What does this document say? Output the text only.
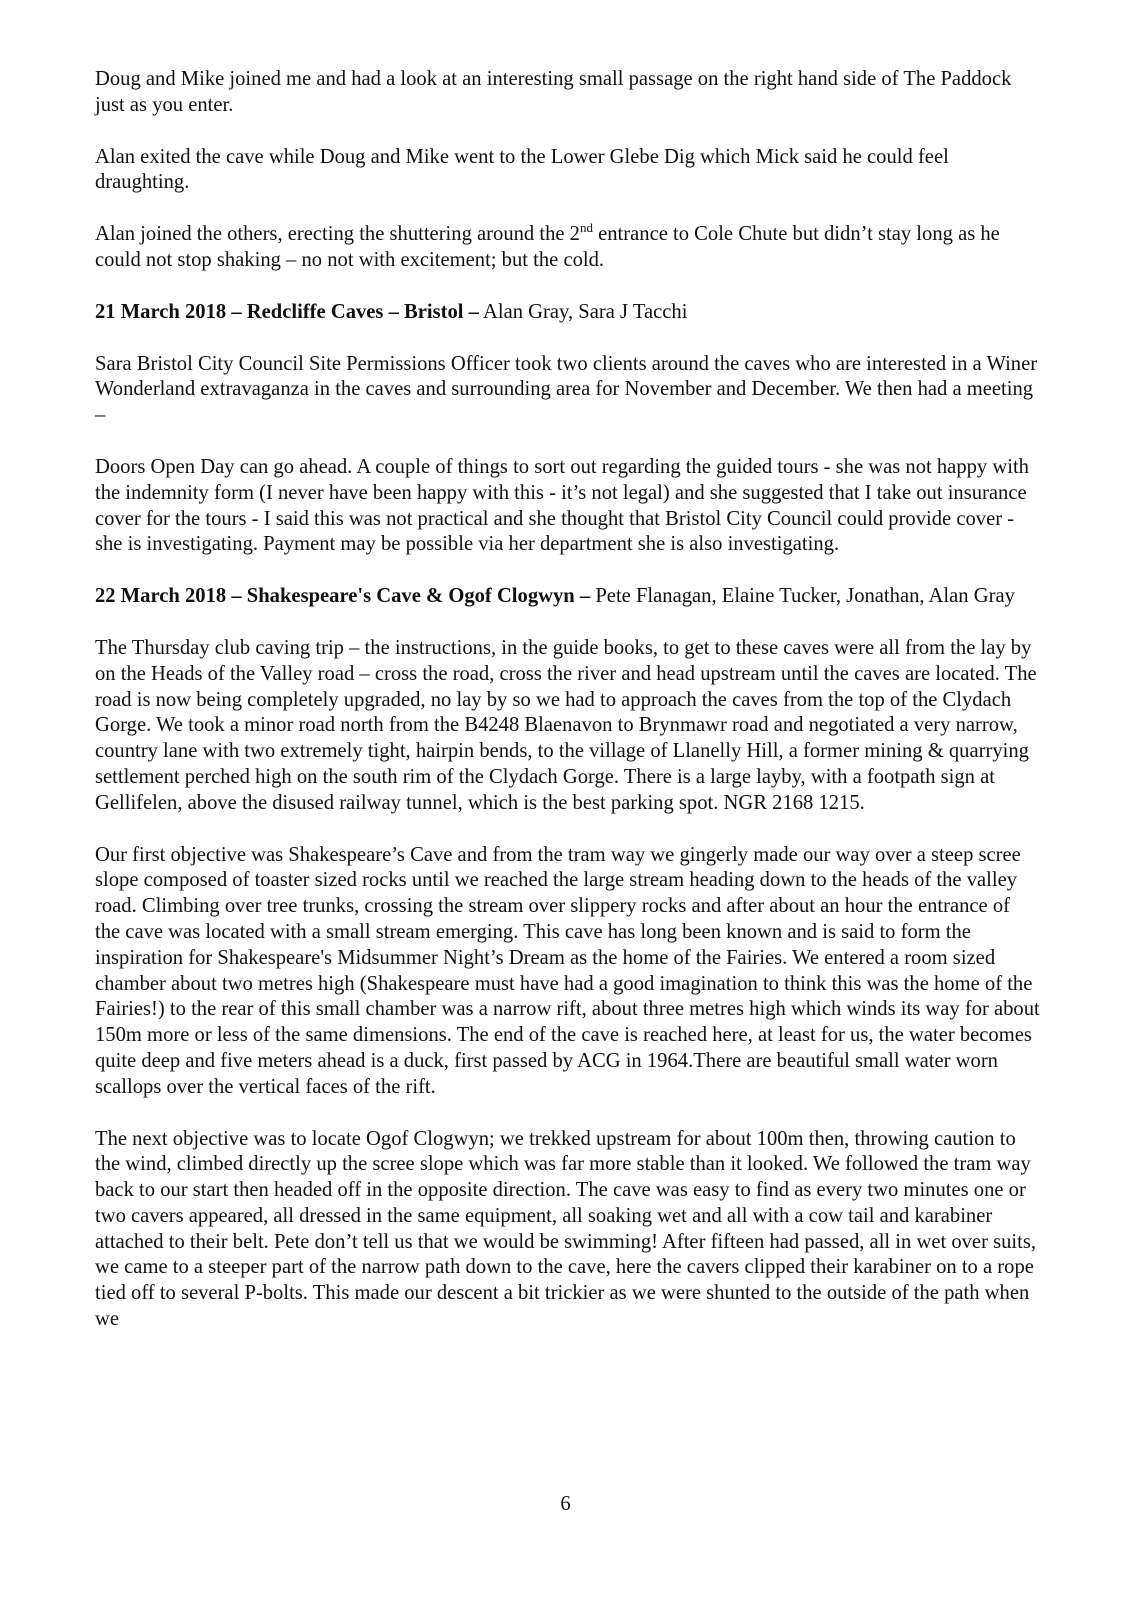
Doug and Mike joined me and had a look at an interesting small passage on the right hand side of The Paddock just as you enter.

Alan exited the cave while Doug and Mike went to the Lower Glebe Dig which Mick said he could feel draughting.

Alan joined the others, erecting the shuttering around the 2nd entrance to Cole Chute but didn’t stay long as he could not stop shaking – no not with excitement; but the cold.

21 March 2018 – Redcliffe Caves – Bristol – Alan Gray, Sara J Tacchi

Sara Bristol City Council Site Permissions Officer took two clients around the caves who are interested in a Winer Wonderland extravaganza in the caves and surrounding area for November and December. We then had a meeting –

Doors Open Day can go ahead. A couple of things to sort out regarding the guided tours - she was not happy with the indemnity form (I never have been happy with this - it’s not legal) and she suggested that I take out insurance cover for the tours - I said this was not practical and she thought that Bristol City Council could provide cover - she is investigating. Payment may be possible via her department she is also investigating.

22 March 2018 – Shakespeare's Cave & Ogof Clogwyn – Pete Flanagan, Elaine Tucker, Jonathan, Alan Gray

The Thursday club caving trip – the instructions, in the guide books, to get to these caves were all from the lay by on the Heads of the Valley road – cross the road, cross the river and head upstream until the caves are located. The road is now being completely upgraded, no lay by so we had to approach the caves from the top of the Clydach Gorge. We took a minor road north from the B4248 Blaenavon to Brynmawr road and negotiated a very narrow, country lane with two extremely tight, hairpin bends, to the village of Llanelly Hill, a former mining & quarrying settlement perched high on the south rim of the Clydach Gorge. There is a large layby, with a footpath sign at Gellifelen, above the disused railway tunnel, which is the best parking spot. NGR 2168 1215.

Our first objective was Shakespeare’s Cave and from the tram way we gingerly made our way over a steep scree slope composed of toaster sized rocks until we reached the large stream heading down to the heads of the valley road. Climbing over tree trunks, crossing the stream over slippery rocks and after about an hour the entrance of the cave was located with a small stream emerging. This cave has long been known and is said to form the inspiration for Shakespeare's Midsummer Night’s Dream as the home of the Fairies. We entered a room sized chamber about two metres high (Shakespeare must have had a good imagination to think this was the home of the Fairies!) to the rear of this small chamber was a narrow rift, about three metres high which winds its way for about 150m more or less of the same dimensions. The end of the cave is reached here, at least for us, the water becomes quite deep and five meters ahead is a duck, first passed by ACG in 1964.There are beautiful small water worn scallops over the vertical faces of the rift.

The next objective was to locate Ogof Clogwyn; we trekked upstream for about 100m then, throwing caution to the wind, climbed directly up the scree slope which was far more stable than it looked. We followed the tram way back to our start then headed off in the opposite direction. The cave was easy to find as every two minutes one or two cavers appeared, all dressed in the same equipment, all soaking wet and all with a cow tail and karabiner attached to their belt. Pete don’t tell us that we would be swimming! After fifteen had passed, all in wet over suits, we came to a steeper part of the narrow path down to the cave, here the cavers clipped their karabiner on to a rope tied off to several P-bolts. This made our descent a bit trickier as we were shunted to the outside of the path when we

6
